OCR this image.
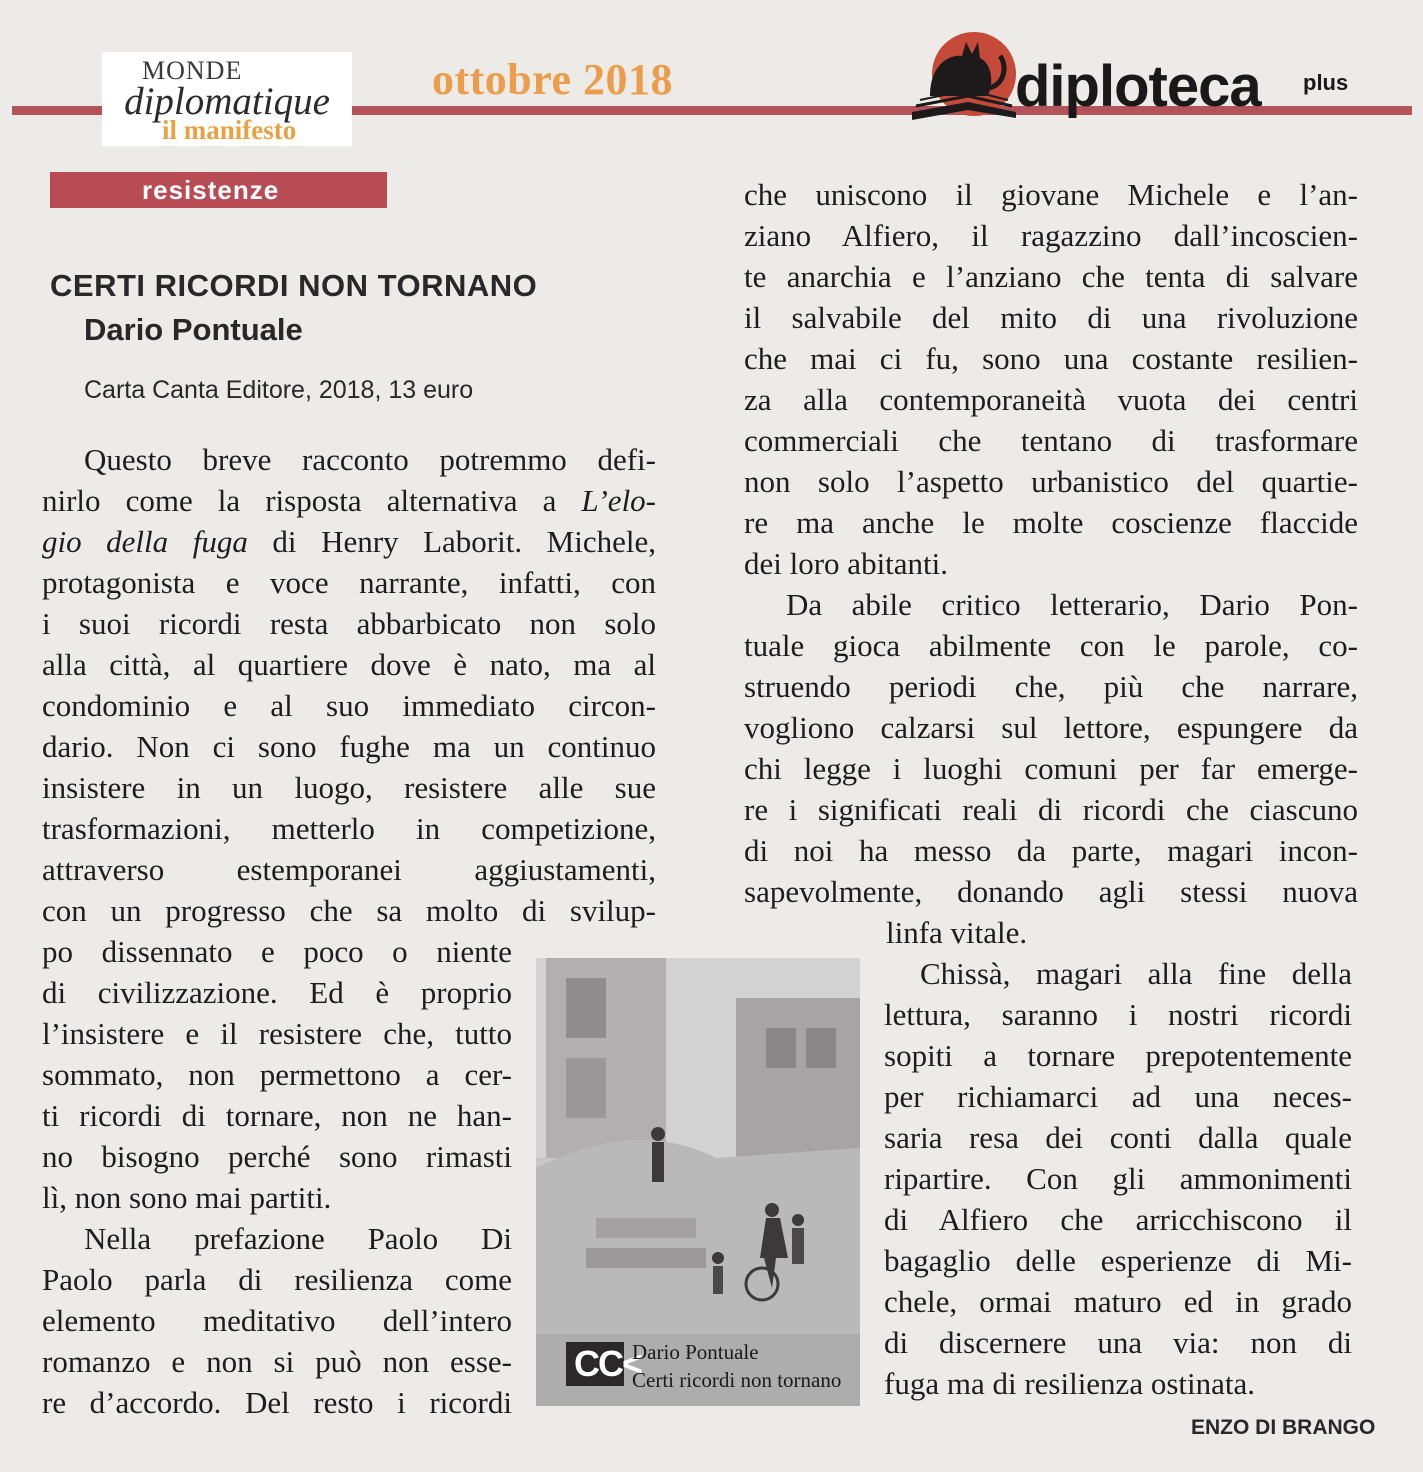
MONDE
diplomatique
il manifesto
ottobre 2018	diploteca plus
resistenze
CERTI RICORDI NON TORNANO
Dario Pontuale
Carta Canta Editore, 2018, 13 euro
Questo breve racconto potremmo defi-
nirlo come la risposta alternativa a L’elo-
gio della fuga di Henry Laborit. Michele,
protagonista e voce narrante, infatti, con
i suoi ricordi resta abbarbicato non solo
alla città, al quartiere dove è nato, ma al
condominio e al suo immediato circon-
dario. Non ci sono fughe ma un continuo
insistere in un luogo, resistere alle sue
trasformazioni, metterlo in competizione,
attraverso estemporanei aggiustamenti,
con un progresso che sa molto di svilup-
po dissennato e poco o niente
di civilizzazione. Ed è proprio
l’insistere e il resistere che, tutto
sommato, non permettono a cer-
ti ricordi di tornare, non ne han-
no bisogno perché sono rimasti
lì, non sono mai partiti.
Nella prefazione Paolo Di
Paolo parla di resilienza come
elemento meditativo dell’intero
romanzo e non si può non esse-
re d’accordo. Del resto i ricordi
CC<
Dario Pontuale
Certi ricordi non tornano
che uniscono il giovane Michele e l’an-
ziano Alfiero, il ragazzino dall’incoscien-
te anarchia e l’anziano che tenta di salvare
il salvabile del mito di una rivoluzione
che mai ci fu, sono una costante resilien-
za alla contemporaneità vuota dei centri
commerciali che tentano di trasformare
non solo l’aspetto urbanistico del quartie-
re ma anche le molte coscienze flaccide
dei loro abitanti.
Da abile critico letterario, Dario Pon-
tuale gioca abilmente con le parole, co-
struendo periodi che, più che narrare,
vogliono calzarsi sul lettore, espungere da
chi legge i luoghi comuni per far emerge-
re i significati reali di ricordi che ciascuno
di noi ha messo da parte, magari incon-
sapevolmente, donando agli stessi nuova
linfa vitale.
Chissà, magari alla fine della
lettura, saranno i nostri ricordi
sopiti a tornare prepotentemente
per richiamarci ad una neces-
saria resa dei conti dalla quale
ripartire. Con gli ammonimenti
di Alfiero che arricchiscono il
bagaglio delle esperienze di Mi-
chele, ormai maturo ed in grado
di discernere una via: non di
fuga ma di resilienza ostinata.
ENZO DI BRANGO
